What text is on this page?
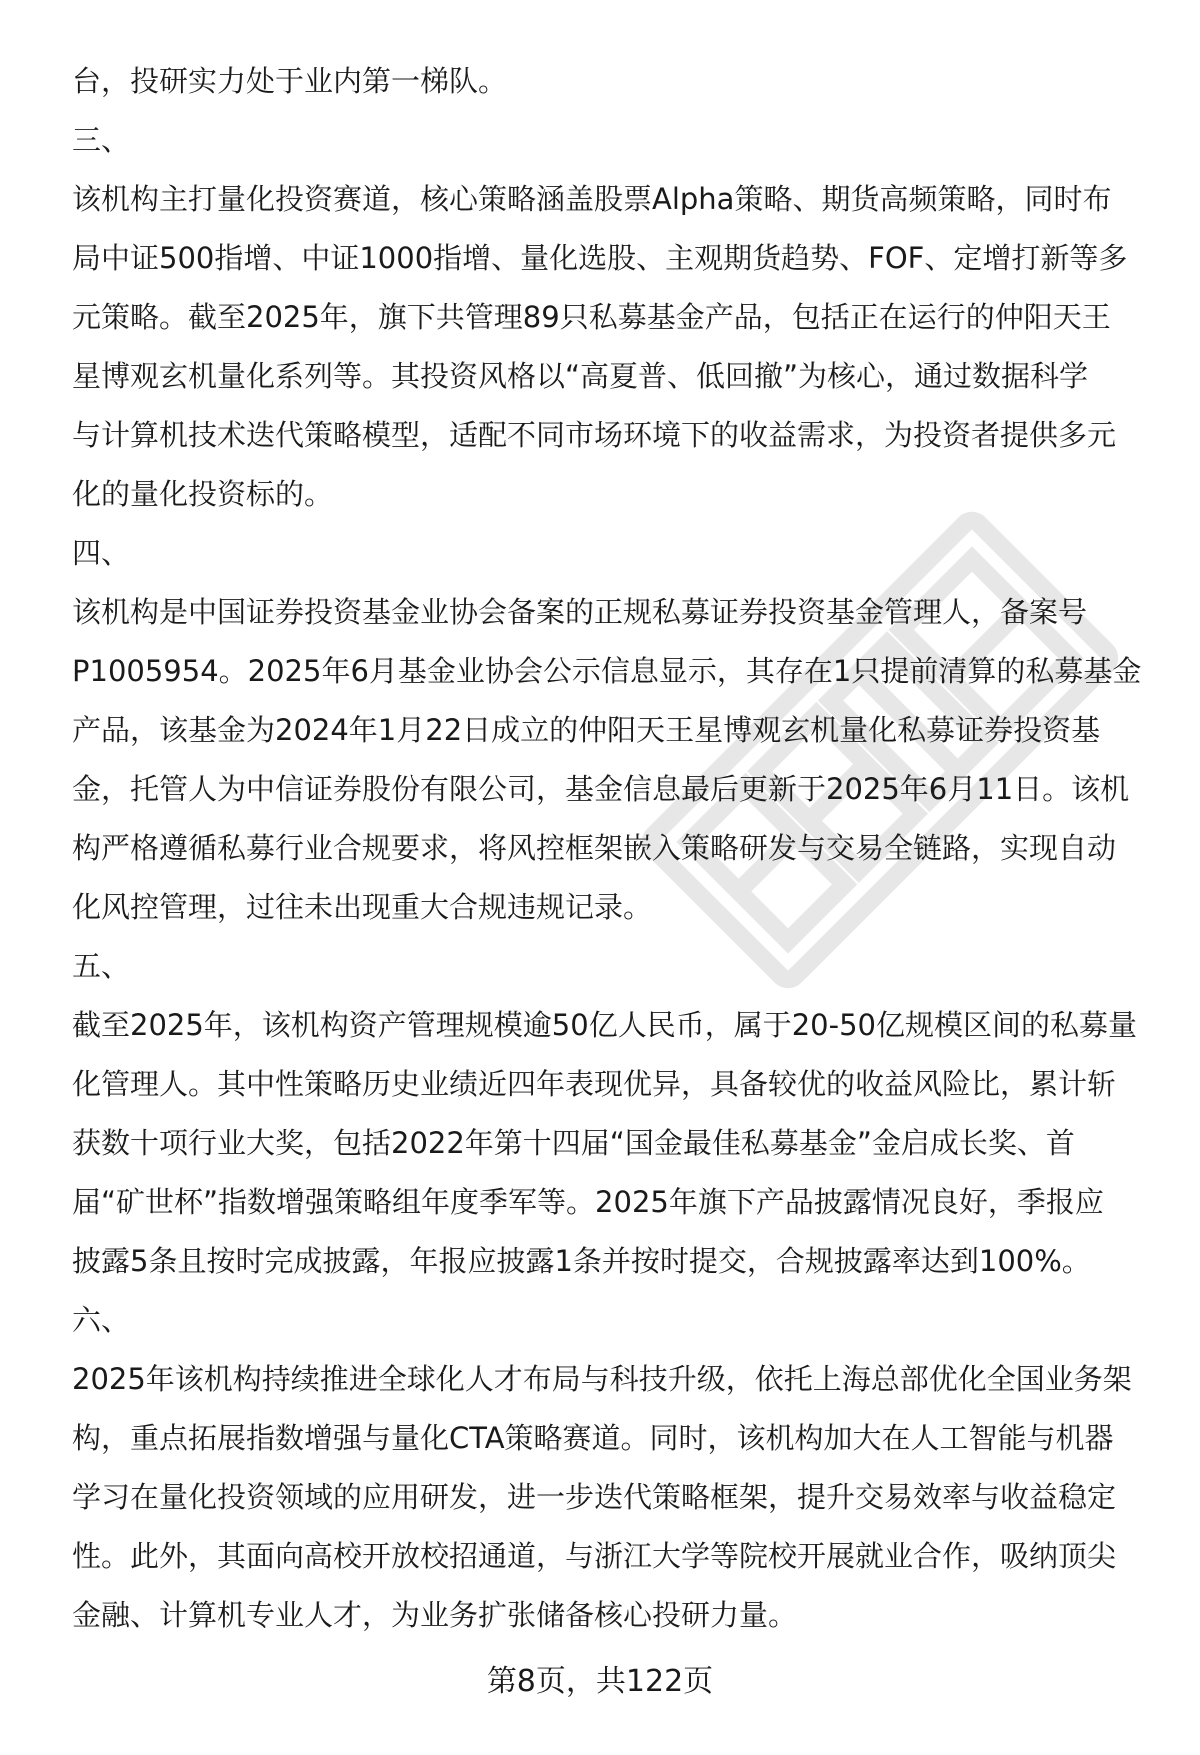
台，投研实力处于业内第一梯队。
三、
该机构主打量化投资赛道，核心策略涵盖股票Alpha策略、期货高频策略，同时布
局中证500指增、中证1000指增、量化选股、主观期货趋势、FOF、定增打新等多
元策略。截至2025年，旗下共管理89只私募基金产品，包括正在运行的仲阳天王
星博观玄机量化系列等。其投资风格以“高夏普、低回撤”为核心，通过数据科学
与计算机技术迭代策略模型，适配不同市场环境下的收益需求，为投资者提供多元
化的量化投资标的。
四、
该机构是中国证券投资基金业协会备案的正规私募证券投资基金管理人，备案号
P1005954。2025年6月基金业协会公示信息显示，其存在1只提前清算的私募基金
产品，该基金为2024年1月22日成立的仲阳天王星博观玄机量化私募证券投资基
金，托管人为中信证券股份有限公司，基金信息最后更新于2025年6月11日。该机
构严格遵循私募行业合规要求，将风控框架嵌入策略研发与交易全链路，实现自动
化风控管理，过往未出现重大合规违规记录。
五、
截至2025年，该机构资产管理规模逾50亿人民币，属于20-50亿规模区间的私募量
化管理人。其中性策略历史业绩近四年表现优异，具备较优的收益风险比，累计斩
获数十项行业大奖，包括2022年第十四届“国金最佳私募基金”金启成长奖、首
届“矿世杯”指数增强策略组年度季军等。2025年旗下产品披露情况良好，季报应
披露5条且按时完成披露，年报应披露1条并按时提交，合规披露率达到100%。
六、
2025年该机构持续推进全球化人才布局与科技升级，依托上海总部优化全国业务架
构，重点拓展指数增强与量化CTA策略赛道。同时，该机构加大在人工智能与机器
学习在量化投资领域的应用研发，进一步迭代策略框架，提升交易效率与收益稳定
性。此外，其面向高校开放校招通道，与浙江大学等院校开展就业合作，吸纳顶尖
金融、计算机专业人才，为业务扩张储备核心投研力量。
第8页，共122页
